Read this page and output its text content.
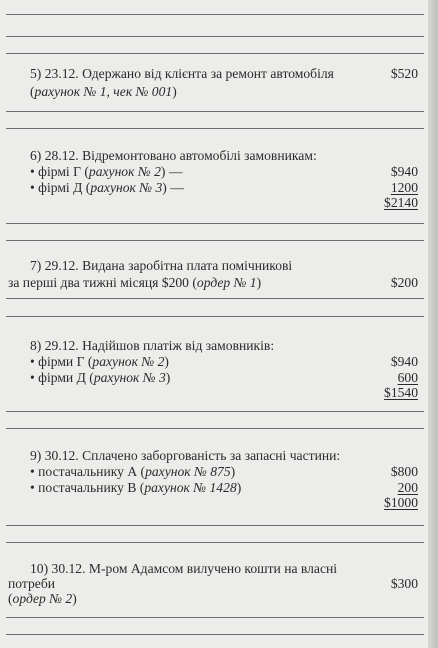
5) 23.12. Одержано від клієнта за ремонт автомобіля
(рахунок № 1, чек № 001)
$520
6) 28.12. Відремонтовано автомобілі замовникам:
• фірмі Г (рахунок № 2) —
• фірмі Д (рахунок № 3) —
$940
1200
$2140
7) 29.12. Видана заробітна плата помічникові
за перші два тижні місяця $200 (ордер № 1)	$200
8) 29.12. Надійшов платіж від замовників:
• фірми Г (рахунок № 2)
• фірми Д (рахунок № 3)
$940
600
$1540
9) 30.12. Сплачено заборгованість за запасні частини:
• постачальнику А (рахунок № 875)
• постачальнику В (рахунок № 1428)
$800
200
$1000
10) 30.12. М-ром Адамсом вилучено кошти на власні
потреби
(ордер № 2)
$300
